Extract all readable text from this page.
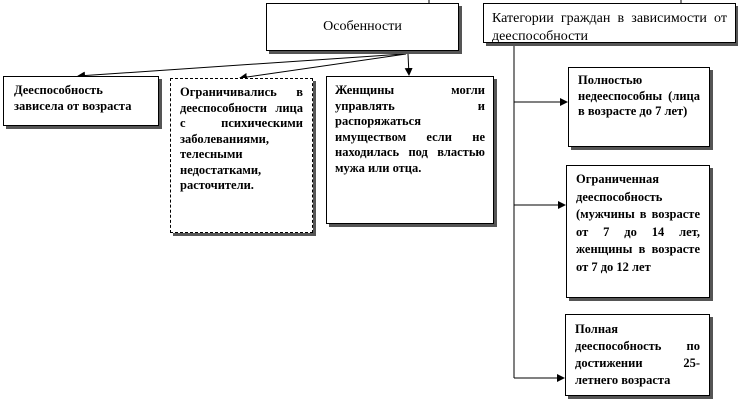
Особенности
Категории граждан в зависимости от дееспособности
Дееспособность зависела от возраста
Ограничивались в дееспособности лица с психическими заболеваниями, телесными недостатками, расточители.
Женщины могли управлять и распоряжаться имуществом если не находилась под властью мужа или отца.
Полностью недееспособны (лица в возрасте до 7 лет)
Ограниченная дееспособность (мужчины в возрасте от 7 до 14 лет, женщины в возрасте от 7 до 12 лет
Полная дееспособность по достижении 25-летнего возраста
